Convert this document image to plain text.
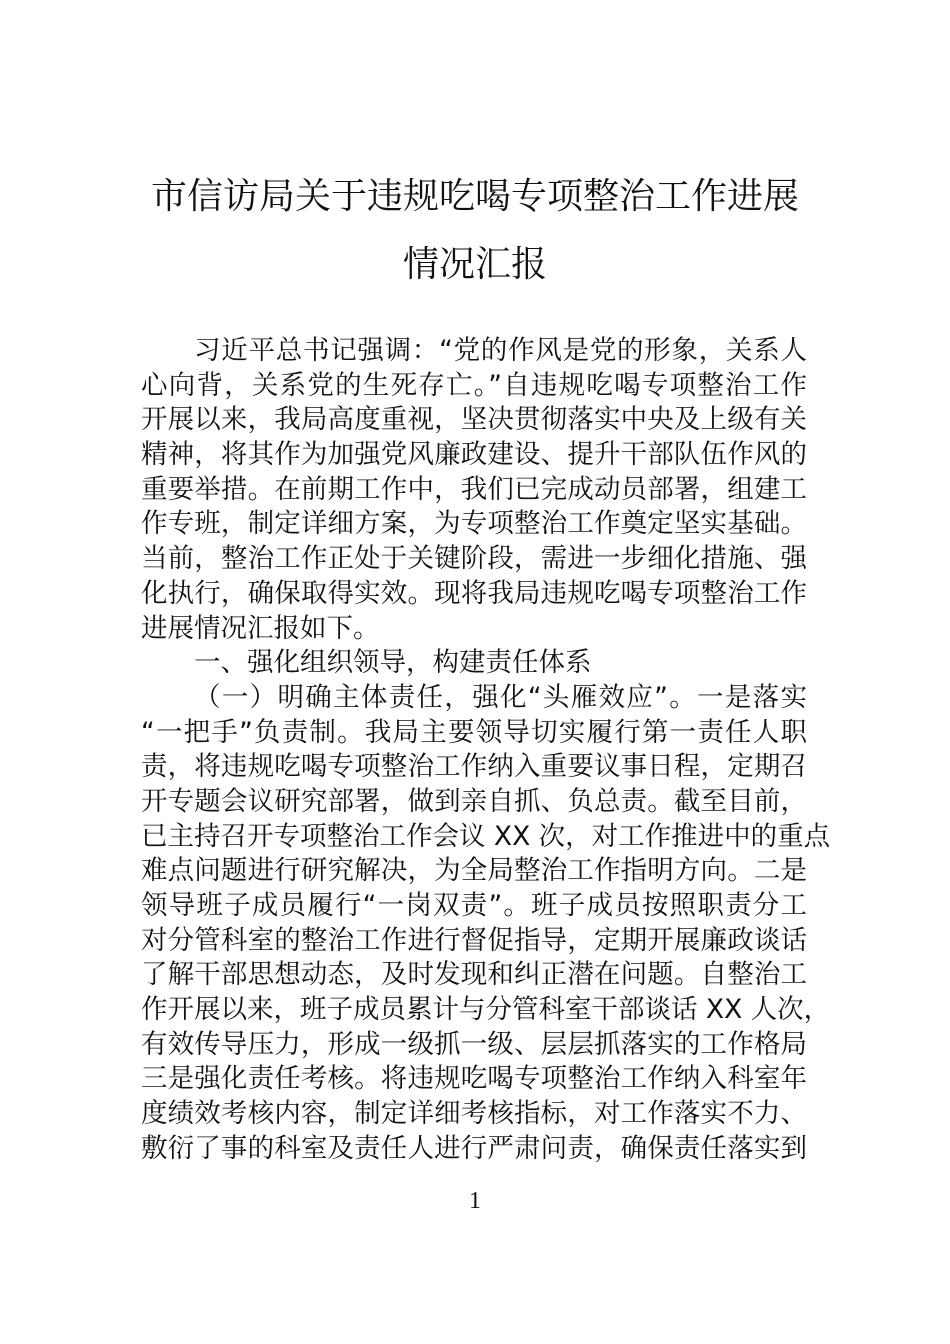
市信访局关于违规吃喝专项整治工作进展
情况汇报
习近平总书记强调：“党的作风是党的形象，关系人
心向背，关系党的生死存亡。”自违规吃喝专项整治工作
开展以来，我局高度重视，坚决贯彻落实中央及上级有关
精神，将其作为加强党风廉政建设、提升干部队伍作风的
重要举措。在前期工作中，我们已完成动员部署，组建工
作专班，制定详细方案，为专项整治工作奠定坚实基础。
当前，整治工作正处于关键阶段，需进一步细化措施、强
化执行，确保取得实效。现将我局违规吃喝专项整治工作
进展情况汇报如下。
一、强化组织领导，构建责任体系
（一）明确主体责任，强化“头雁效应”。一是落实
“一把手”负责制。我局主要领导切实履行第一责任人职
责，将违规吃喝专项整治工作纳入重要议事日程，定期召
开专题会议研究部署，做到亲自抓、负总责。截至目前，
已主持召开专项整治工作会议 XX 次，对工作推进中的重点
难点问题进行研究解决，为全局整治工作指明方向。二是
领导班子成员履行“一岗双责”。班子成员按照职责分工
对分管科室的整治工作进行督促指导，定期开展廉政谈话
了解干部思想动态，及时发现和纠正潜在问题。自整治工
作开展以来，班子成员累计与分管科室干部谈话 XX 人次，
有效传导压力，形成一级抓一级、层层抓落实的工作格局
三是强化责任考核。将违规吃喝专项整治工作纳入科室年
度绩效考核内容，制定详细考核指标，对工作落实不力、
敷衍了事的科室及责任人进行严肃问责，确保责任落实到
1
